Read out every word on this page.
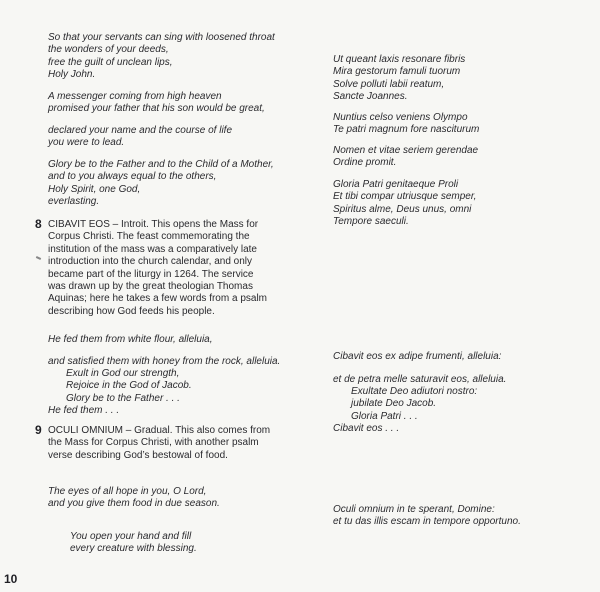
So that your servants can sing with loosened throat
the wonders of your deeds,
free the guilt of unclean lips,
Holy John.
A messenger coming from high heaven
promised your father that his son would be great,
declared your name and the course of life
you were to lead.
Glory be to the Father and to the Child of a Mother,
and to you always equal to the others,
Holy Spirit, one God,
everlasting.
8 CIBAVIT EOS – Introit. This opens the Mass for
Corpus Christi. The feast commemorating the
institution of the mass was a comparatively late
introduction into the church calendar, and only
became part of the liturgy in 1264. The service
was drawn up by the great theologian Thomas
Aquinas; here he takes a few words from a psalm
describing how God feeds his people.
He fed them from white flour, alleluia,
and satisfied them with honey from the rock, alleluia.
Exult in God our strength,
Rejoice in the God of Jacob.
Glory be to the Father . . .
He fed them . . .
9 OCULI OMNIUM – Gradual. This also comes from
the Mass for Corpus Christi, with another psalm
verse describing God’s bestowal of food.
The eyes of all hope in you, O Lord,
and you give them food in due season.
You open your hand and fill
every creature with blessing.
Ut queant laxis resonare fibris
Mira gestorum famuli tuorum
Solve polluti labii reatum,
Sancte Joannes.
Nuntius celso veniens Olympo
Te patri magnum fore nasciturum
Nomen et vitae seriem gerendae
Ordine promit.
Gloria Patri genitaeque Proli
Et tibi compar utriusque semper,
Spiritus alme, Deus unus, omni
Tempore saeculi.
Cibavit eos ex adipe frumenti, alleluia:
et de petra melle saturavit eos, alleluia.
Exultate Deo adiutori nostro:
jubilate Deo Jacob.
Gloria Patri . . .
Cibavit eos . . .
Oculi omnium in te sperant, Domine:
et tu das illis escam in tempore opportuno.
10
